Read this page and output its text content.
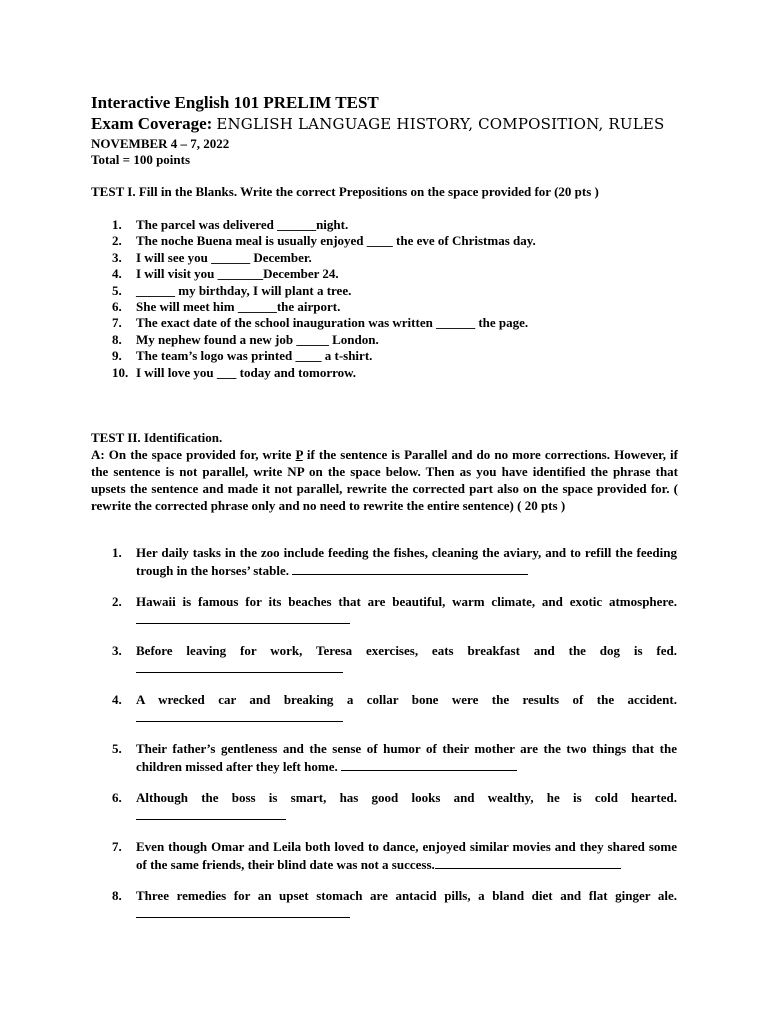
Interactive English 101 PRELIM TEST
Exam Coverage: ENGLISH LANGUAGE HISTORY, COMPOSITION, RULES
NOVEMBER 4 – 7, 2022
Total = 100 points
TEST I. Fill in the Blanks. Write the correct Prepositions on the space provided for (20 pts )
1.	The parcel was delivered ______night.
2.	The noche Buena meal is usually enjoyed ____ the eve of Christmas day.
3.	I will see you ______ December.
4.	I will visit you _______December 24.
5.	______ my birthday, I will plant a tree.
6.	She will meet him ______the airport.
7.	The exact date of the school inauguration was written ______ the page.
8.	My nephew found a new job _____ London.
9.	The team’s logo was printed ____ a t-shirt.
10. I will love you ___ today and tomorrow.
TEST II. Identification.
A: On the space provided for, write P if the sentence is Parallel and do no more corrections. However, if the sentence is not parallel, write NP on the space below. Then as you have identified the phrase that upsets the sentence and made it not parallel, rewrite the corrected part also on the space provided for. ( rewrite the corrected phrase only and no need to rewrite the entire sentence) ( 20 pts )
1.	Her daily tasks in the zoo include feeding the fishes, cleaning the aviary, and to refill the feeding trough in the horses’ stable.
2.	Hawaii is famous for its beaches that are beautiful, warm climate, and exotic atmosphere.
3.	Before leaving for work, Teresa exercises, eats breakfast and the dog is fed.
4.	A wrecked car and breaking a collar bone were the results of the accident.
5.	Their father’s gentleness and the sense of humor of their mother are the two things that the children missed after they left home.
6.	Although the boss is smart, has good looks and wealthy, he is cold hearted.
7.	Even though Omar and Leila both loved to dance, enjoyed similar movies and they shared some of the same friends, their blind date was not a success.
8.	Three remedies for an upset stomach are antacid pills, a bland diet and flat ginger ale.
